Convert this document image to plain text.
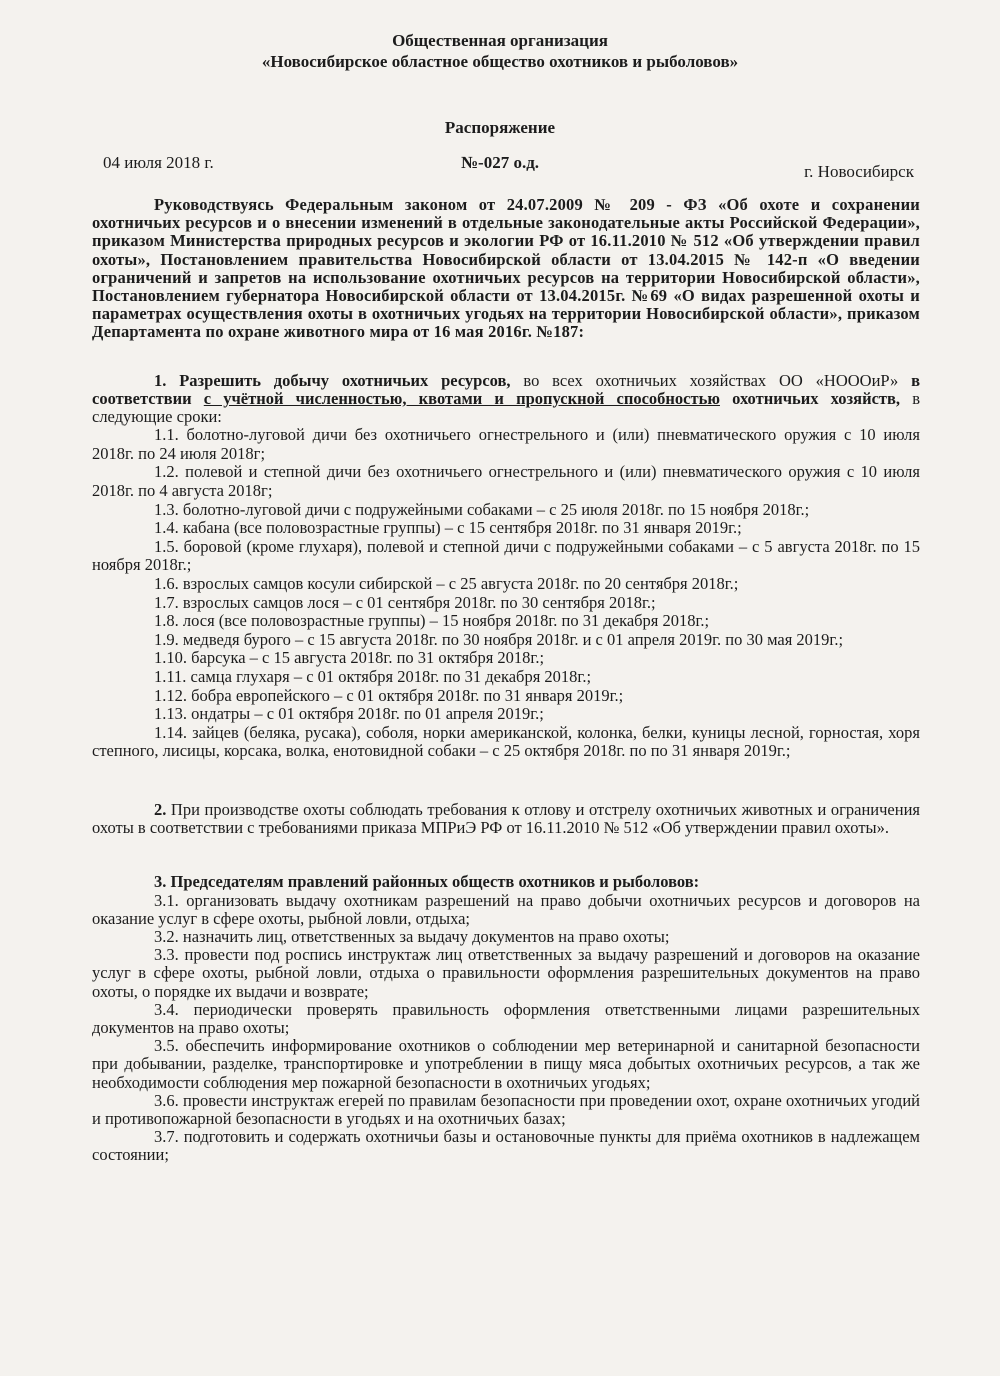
Общественная организация
«Новосибирское областное общество охотников и рыболовов»
Распоряжение
04 июля 2018 г.	№-027 о.д.	г. Новосибирск

Руководствуясь Федеральным законом от 24.07.2009 № 209 - ФЗ «Об охоте и сохранении охотничьих ресурсов и о внесении изменений в отдельные законодательные акты Российской Федерации», приказом Министерства природных ресурсов и экологии РФ от 16.11.2010 № 512 «Об утверждении правил охоты», Постановлением правительства Новосибирской области от 13.04.2015 № 142-п «О введении ограничений и запретов на использование охотничьих ресурсов на территории Новосибирской области», Постановлением губернатора Новосибирской области от 13.04.2015г. №69 «О видах разрешенной охоты и параметрах осуществления охоты в охотничьих угодьях на территории Новосибирской области», приказом Департамента по охране животного мира от 16 мая 2016г. №187:

1. Разрешить добычу охотничьих ресурсов, во всех охотничьих хозяйствах ОО «НОООиР» в соответствии с учётной численностью, квотами и пропускной способностью охотничьих хозяйств, в следующие сроки:

1.1. болотно-луговой дичи без охотничьего огнестрельного и (или) пневматического оружия с 10 июля 2018г. по 24 июля 2018г;

1.2. полевой и степной дичи без охотничьего огнестрельного и (или) пневматического оружия с 10 июля 2018г. по 4 августа 2018г;

1.3. болотно-луговой дичи с подружейными собаками – с 25 июля 2018г. по 15 ноября 2018г.;

1.4. кабана (все половозрастные группы) – с 15 сентября 2018г. по 31 января 2019г.;

1.5. боровой (кроме глухаря), полевой и степной дичи с подружейными собаками – с 5 августа 2018г. по 15 ноября 2018г.;

1.6. взрослых самцов косули сибирской – с 25 августа 2018г. по 20 сентября 2018г.;

1.7. взрослых самцов лося – с 01 сентября 2018г. по 30 сентября 2018г.;

1.8. лося (все половозрастные группы) – 15 ноября 2018г. по 31 декабря 2018г.;

1.9. медведя бурого – с 15 августа 2018г. по 30 ноября 2018г. и с 01 апреля 2019г. по 30 мая 2019г.;

1.10. барсука – с 15 августа 2018г. по 31 октября 2018г.;

1.11. самца глухаря – с 01 октября 2018г. по 31 декабря 2018г.;

1.12. бобра европейского – с 01 октября 2018г. по 31 января 2019г.;

1.13. ондатры – с 01 октября 2018г. по 01 апреля 2019г.;

1.14. зайцев (беляка, русака), соболя, норки американской, колонка, белки, куницы лесной, горностая, хоря степного, лисицы, корсака, волка, енотовидной собаки – с 25 октября 2018г. по по 31 января 2019г.;

2. При производстве охоты соблюдать требования к отлову и отстрелу охотничьих животных и ограничения охоты в соответствии с требованиями приказа МПРиЭ РФ от 16.11.2010 № 512 «Об утверждении правил охоты».

3. Председателям правлений районных обществ охотников и рыболовов:

3.1. организовать выдачу охотникам разрешений на право добычи охотничьих ресурсов и договоров на оказание услуг в сфере охоты, рыбной ловли, отдыха;

3.2. назначить лиц, ответственных за выдачу документов на право охоты;

3.3. провести под роспись инструктаж лиц ответственных за выдачу разрешений и договоров на оказание услуг в сфере охоты, рыбной ловли, отдыха о правильности оформления разрешительных документов на право охоты, о порядке их выдачи и возврате;

3.4. периодически проверять правильность оформления ответственными лицами разрешительных документов на право охоты;

3.5. обеспечить информирование охотников о соблюдении мер ветеринарной и санитарной безопасности при добывании, разделке, транспортировке и употреблении в пищу мяса добытых охотничьих ресурсов, а так же необходимости соблюдения мер пожарной безопасности в охотничьих угодьях;

3.6. провести инструктаж егерей по правилам безопасности при проведении охот, охране охотничьих угодий и противопожарной безопасности в угодьях и на охотничьих базах;

3.7. подготовить и содержать охотничьи базы и остановочные пункты для приёма охотников в надлежащем состоянии;
